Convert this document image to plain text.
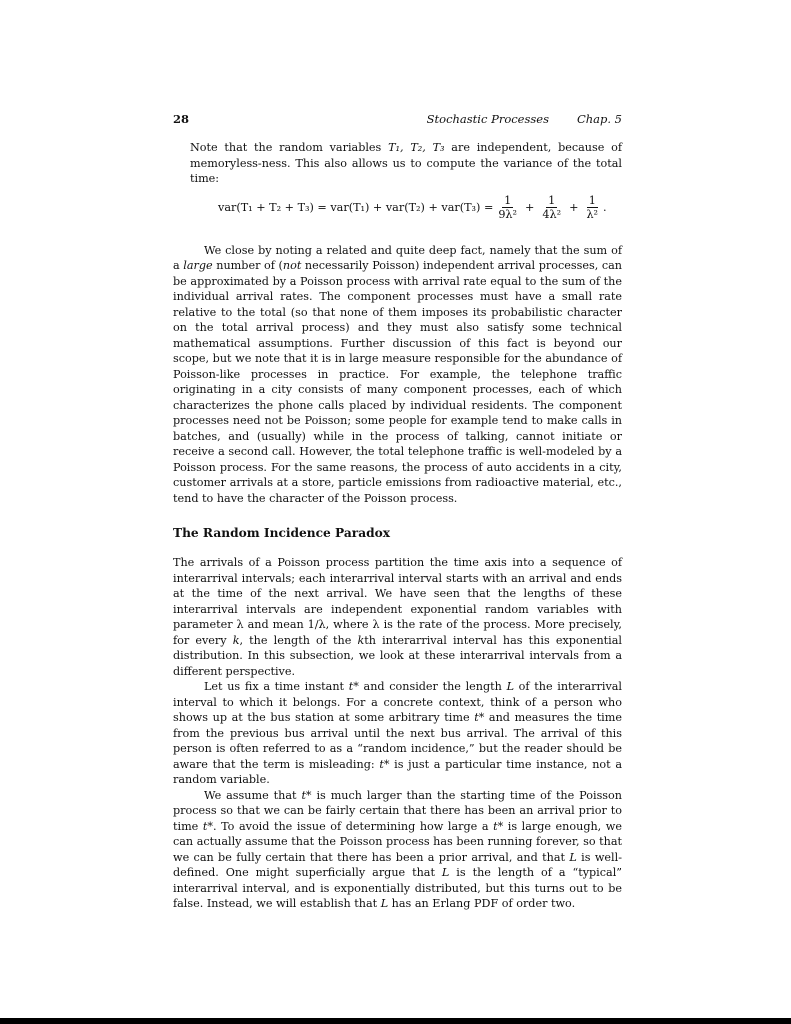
28	Stochastic Processes Chap. 5

Note that the random variables T₁, T₂, T₃ are independent, because of memoryless-ness. This also allows us to compute the variance of the total time:

$var(T_1 + T_2 + T_3) = var(T_1) + var(T_2) + var(T_3) = \frac{1}{\text{9λ²}} + \frac{1}{\text{4λ²}} + \frac{1}{\text{λ²}}$ .

We close by noting a related and quite deep fact, namely that the sum of a large number of (not necessarily Poisson) independent arrival processes, can be approximated by a Poisson process with arrival rate equal to the sum of the individual arrival rates. The component processes must have a small rate relative to the total (so that none of them imposes its probabilistic character on the total arrival process) and they must also satisfy some technical mathematical assumptions. Further discussion of this fact is beyond our scope, but we note that it is in large measure responsible for the abundance of Poisson-like processes in practice. For example, the telephone traffic originating in a city consists of many component processes, each of which characterizes the phone calls placed by individual residents. The component processes need not be Poisson; some people for example tend to make calls in batches, and (usually) while in the process of talking, cannot initiate or receive a second call. However, the total telephone traffic is well-modeled by a Poisson process. For the same reasons, the process of auto accidents in a city, customer arrivals at a store, particle emissions from radioactive material, etc., tend to have the character of the Poisson process.

The Random Incidence Paradox

The arrivals of a Poisson process partition the time axis into a sequence of interarrival intervals; each interarrival interval starts with an arrival and ends at the time of the next arrival. We have seen that the lengths of these interarrival intervals are independent exponential random variables with parameter λ and mean 1/λ, where λ is the rate of the process. More precisely, for every k, the length of the kth interarrival interval has this exponential distribution. In this subsection, we look at these interarrival intervals from a different perspective.

Let us fix a time instant t* and consider the length L of the interarrival interval to which it belongs. For a concrete context, think of a person who shows up at the bus station at some arbitrary time t* and measures the time from the previous bus arrival until the next bus arrival. The arrival of this person is often referred to as a “random incidence,” but the reader should be aware that the term is misleading: t* is just a particular time instance, not a random variable.

We assume that t* is much larger than the starting time of the Poisson process so that we can be fairly certain that there has been an arrival prior to time t*. To avoid the issue of determining how large a t* is large enough, we can actually assume that the Poisson process has been running forever, so that we can be fully certain that there has been a prior arrival, and that L is well-defined. One might superficially argue that L is the length of a “typical” interarrival interval, and is exponentially distributed, but this turns out to be false. Instead, we will establish that L has an Erlang PDF of order two.
